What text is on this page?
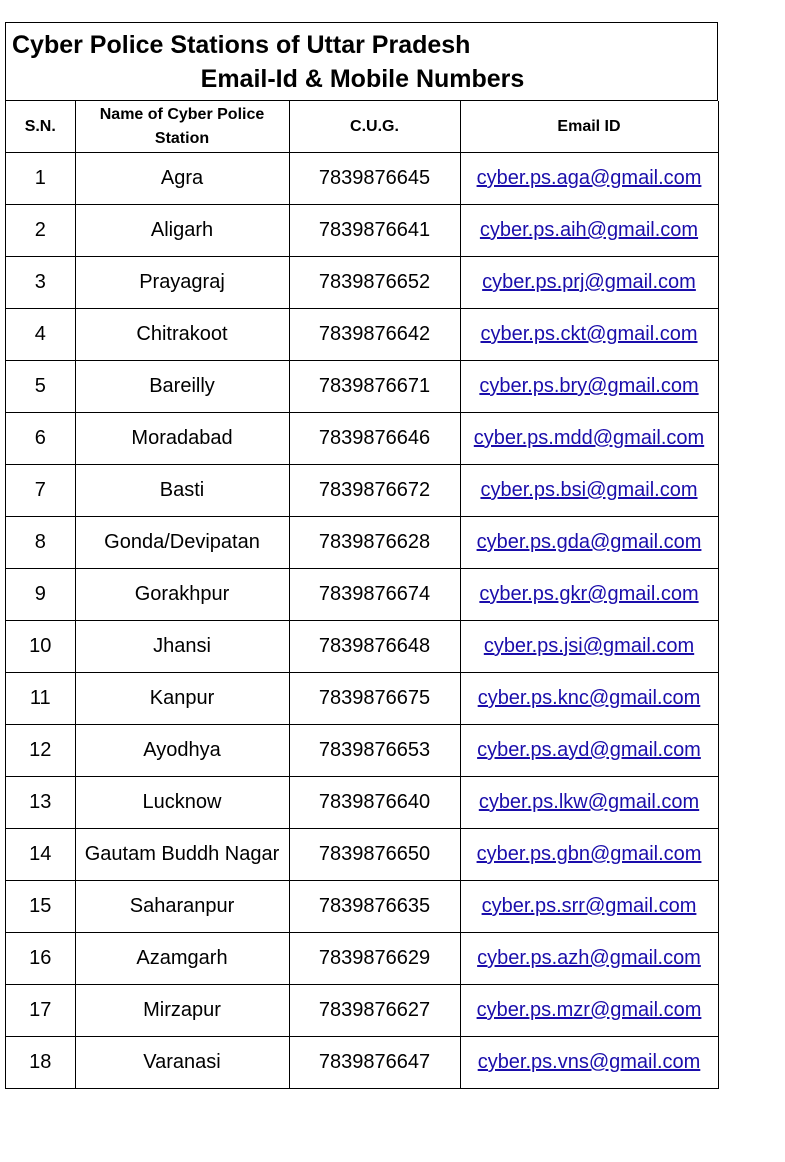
Cyber Police Stations of Uttar Pradesh
Email-Id & Mobile Numbers
S.N.	Name of Cyber Police Station	C.U.G.	Email ID
1	Agra	7839876645	cyber.ps.aga@gmail.com
2	Aligarh	7839876641	cyber.ps.aih@gmail.com
3	Prayagraj	7839876652	cyber.ps.prj@gmail.com
4	Chitrakoot	7839876642	cyber.ps.ckt@gmail.com
5	Bareilly	7839876671	cyber.ps.bry@gmail.com
6	Moradabad	7839876646	cyber.ps.mdd@gmail.com
7	Basti	7839876672	cyber.ps.bsi@gmail.com
8	Gonda/Devipatan	7839876628	cyber.ps.gda@gmail.com
9	Gorakhpur	7839876674	cyber.ps.gkr@gmail.com
10	Jhansi	7839876648	cyber.ps.jsi@gmail.com
11	Kanpur	7839876675	cyber.ps.knc@gmail.com
12	Ayodhya	7839876653	cyber.ps.ayd@gmail.com
13	Lucknow	7839876640	cyber.ps.lkw@gmail.com
14	Gautam Buddh Nagar	7839876650	cyber.ps.gbn@gmail.com
15	Saharanpur	7839876635	cyber.ps.srr@gmail.com
16	Azamgarh	7839876629	cyber.ps.azh@gmail.com
17	Mirzapur	7839876627	cyber.ps.mzr@gmail.com
18	Varanasi	7839876647	cyber.ps.vns@gmail.com
